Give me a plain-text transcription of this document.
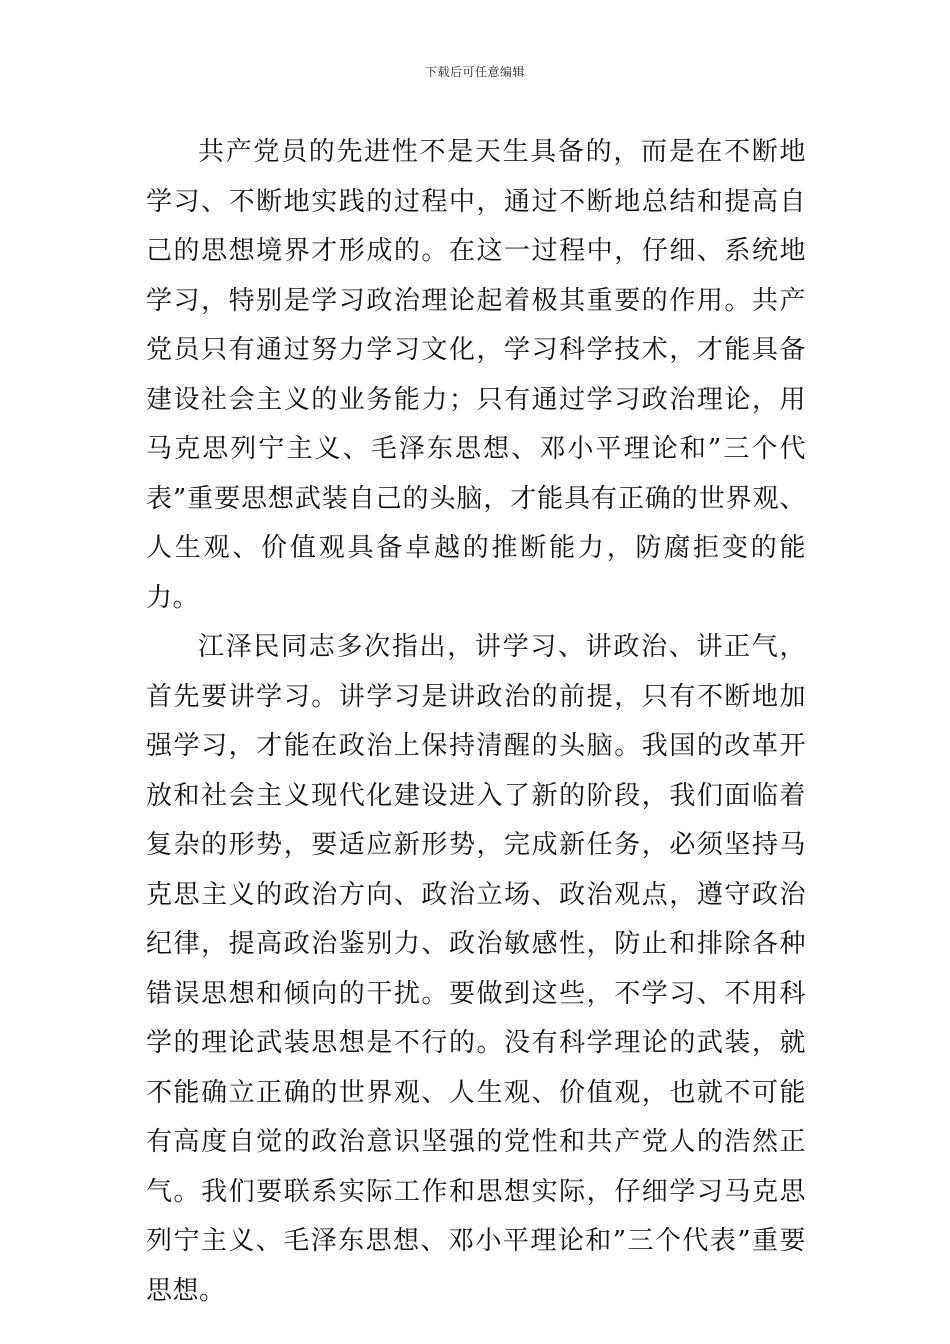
下载后可任意编辑

共产党员的先进性不是天生具备的，而是在不断地学习、不断地实践的过程中，通过不断地总结和提高自己的思想境界才形成的。在这一过程中，仔细、系统地学习，特别是学习政治理论起着极其重要的作用。共产党员只有通过努力学习文化，学习科学技术，才能具备建设社会主义的业务能力；只有通过学习政治理论，用马克思列宁主义、毛泽东思想、邓小平理论和”三个代表”重要思想武装自己的头脑，才能具有正确的世界观、人生观、价值观具备卓越的推断能力，防腐拒变的能力。

江泽民同志多次指出，讲学习、讲政治、讲正气，首先要讲学习。讲学习是讲政治的前提，只有不断地加强学习，才能在政治上保持清醒的头脑。我国的改革开放和社会主义现代化建设进入了新的阶段，我们面临着复杂的形势，要适应新形势，完成新任务，必须坚持马克思主义的政治方向、政治立场、政治观点，遵守政治纪律，提高政治鉴别力、政治敏感性，防止和排除各种错误思想和倾向的干扰。要做到这些，不学习、不用科学的理论武装思想是不行的。没有科学理论的武装，就不能确立正确的世界观、人生观、价值观，也就不可能有高度自觉的政治意识坚强的党性和共产党人的浩然正气。我们要联系实际工作和思想实际，仔细学习马克思列宁主义、毛泽东思想、邓小平理论和”三个代表”重要思想。
